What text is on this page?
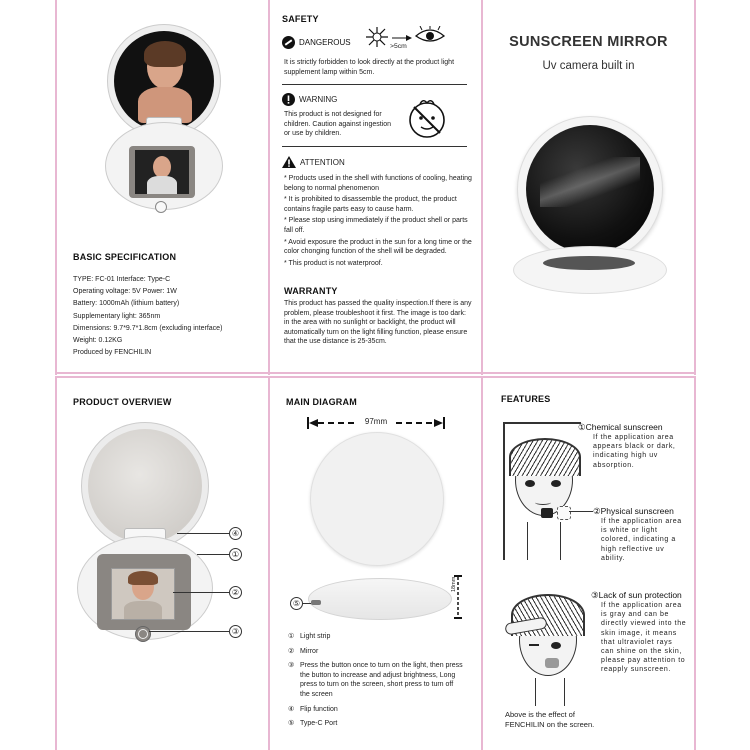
BASIC SPECIFICATION
TYPE: FC-01 Interface: Type-C
Operating voltage: 5V Power: 1W
Battery: 1000mAh (lithium battery)
Supplementary light: 365nm
Dimensions: 9.7*9.7*1.8cm (excluding interface)
Weight: 0.12KG
Produced by FENCHILIN
SAFETY
DANGEROUS	>5cm
It is strictly forbidden to look directly at the product light supplement lamp within 5cm.
WARNING
This product is not designed for children. Caution against ingestion or use by children.
ATTENTION
* Products used in the shell with functions of cooling, heating belong to normal phenomenon
* It is prohibited to disassemble the product, the product contains fragile parts easy to cause harm.
* Please stop using immediately if the product shell or parts fall off.
* Avoid exposure the product in the sun for a long time or the color chonging function of the shell will be degraded.
* This product is not waterproof.
WARRANTY
This product has passed the quality inspection.If there is any problem, please troubleshoot it first. The image is too dark: in the area with no sunlight or backlight, the product will automatically turn on the light filling function, please ensure that the use distance is 25-35cm.
SUNSCREEN MIRROR
Uv camera built in
PRODUCT OVERVIEW
④
①
②
③
MAIN DIAGRAM
97mm
⑤
18mm
① Light strip
② Mirror
③ Press the button once to turn on the light, then press the button to increase and adjust brightness, Long press to turn on the screen, short press to turn off the screen
④ Flip function
⑤ Type-C Port
FEATURES
①Chemical sunscreen
If the application area appears black or dark, indicating high uv absorption.
②Physical sunscreen
If the application area is white or light colored, indicating a high reflective uv ability.
③Lack of sun protection
If the application area is gray and can be directly viewed into the skin image, it means that ultraviolet rays can shine on the skin, please pay attention to reapply sunscreen.
Above is the effect of FENCHILIN on the screen.
